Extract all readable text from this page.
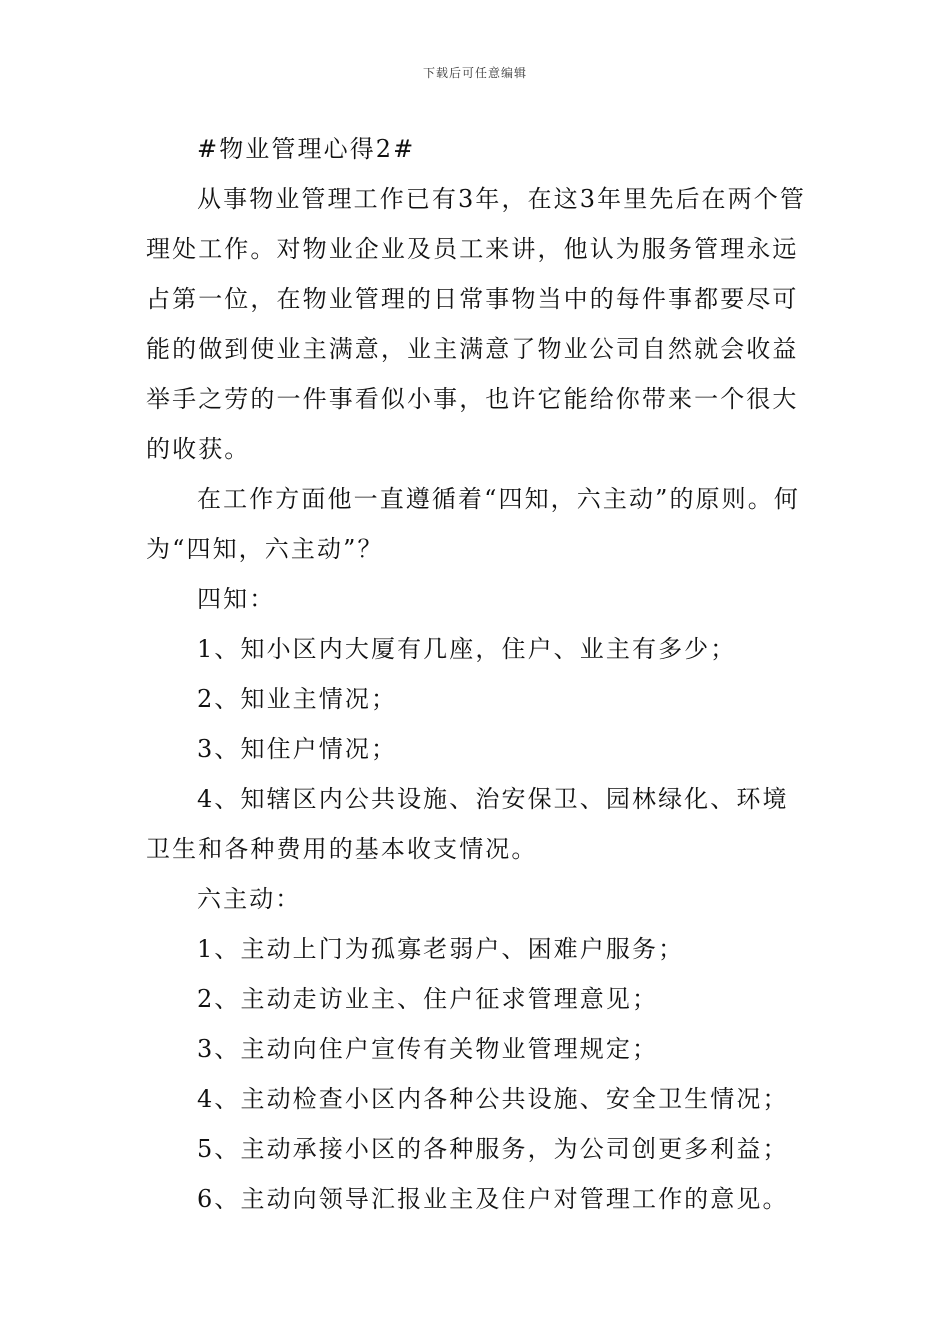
下载后可任意编辑

#物业管理心得2#

从事物业管理工作已有3年，在这3年里先后在两个管理处工作。对物业企业及员工来讲，他认为服务管理永远占第一位，在物业管理的日常事物当中的每件事都要尽可能的做到使业主满意，业主满意了物业公司自然就会收益举手之劳的一件事看似小事，也许它能给你带来一个很大的收获。

在工作方面他一直遵循着“四知，六主动”的原则。何为“四知，六主动”？

四知：

1、知小区内大厦有几座，住户、业主有多少；

2、知业主情况；

3、知住户情况；

4、知辖区内公共设施、治安保卫、园林绿化、环境卫生和各种费用的基本收支情况。

六主动：

1、主动上门为孤寡老弱户、困难户服务；

2、主动走访业主、住户征求管理意见；

3、主动向住户宣传有关物业管理规定；

4、主动检查小区内各种公共设施、安全卫生情况；

5、主动承接小区的各种服务，为公司创更多利益；

6、主动向领导汇报业主及住户对管理工作的意见。
